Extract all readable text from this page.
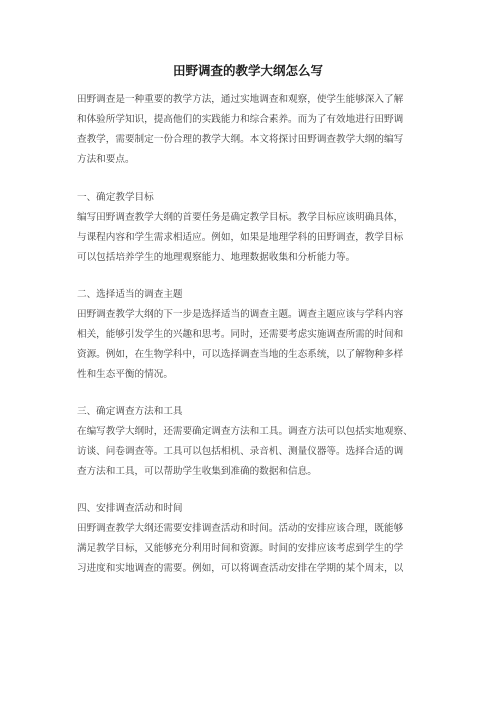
田野调查的教学大纲怎么写
田野调查是一种重要的教学方法，通过实地调查和观察，使学生能够深入了解
和体验所学知识，提高他们的实践能力和综合素养。而为了有效地进行田野调
查教学，需要制定一份合理的教学大纲。本文将探讨田野调查教学大纲的编写
方法和要点。
一、确定教学目标
编写田野调查教学大纲的首要任务是确定教学目标。教学目标应该明确具体，
与课程内容和学生需求相适应。例如，如果是地理学科的田野调查，教学目标
可以包括培养学生的地理观察能力、地理数据收集和分析能力等。
二、选择适当的调查主题
田野调查教学大纲的下一步是选择适当的调查主题。调查主题应该与学科内容
相关，能够引发学生的兴趣和思考。同时，还需要考虑实施调查所需的时间和
资源。例如，在生物学科中，可以选择调查当地的生态系统，以了解物种多样
性和生态平衡的情况。
三、确定调查方法和工具
在编写教学大纲时，还需要确定调查方法和工具。调查方法可以包括实地观察、
访谈、问卷调查等。工具可以包括相机、录音机、测量仪器等。选择合适的调
查方法和工具，可以帮助学生收集到准确的数据和信息。
四、安排调查活动和时间
田野调查教学大纲还需要安排调查活动和时间。活动的安排应该合理，既能够
满足教学目标，又能够充分利用时间和资源。时间的安排应该考虑到学生的学
习进度和实地调查的需要。例如，可以将调查活动安排在学期的某个周末，以
